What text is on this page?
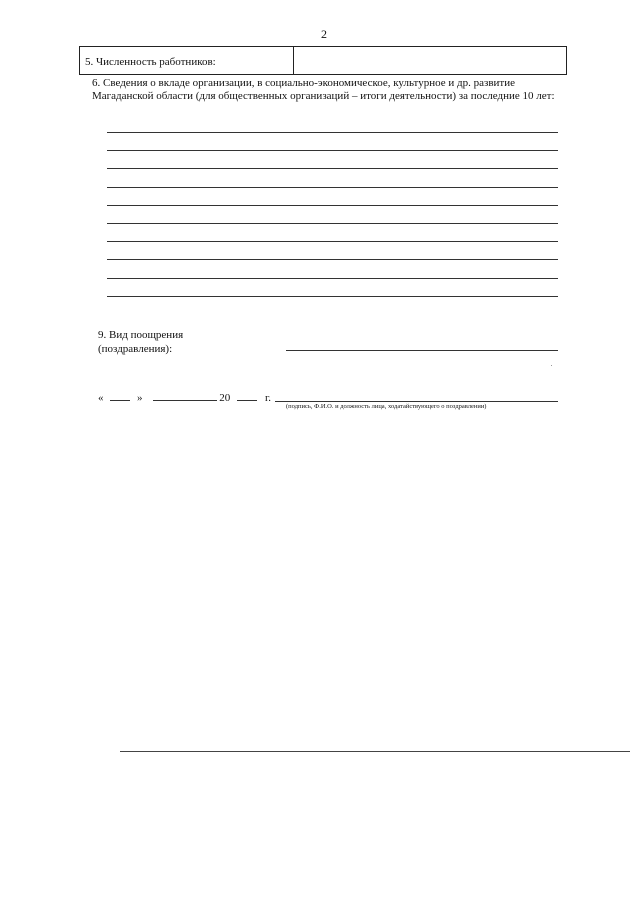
2
5. Численность работников:
6. Сведения о вкладе организации, в социально-экономическое, культурное и др. развитие Магаданской области (для общественных организаций – итоги деятельности) за последние 10 лет:
9. Вид поощрения
(поздравления):
«	»	20	г.
(подпись, Ф.И.О. и должность лица, ходатайствующего о поздравлении)
